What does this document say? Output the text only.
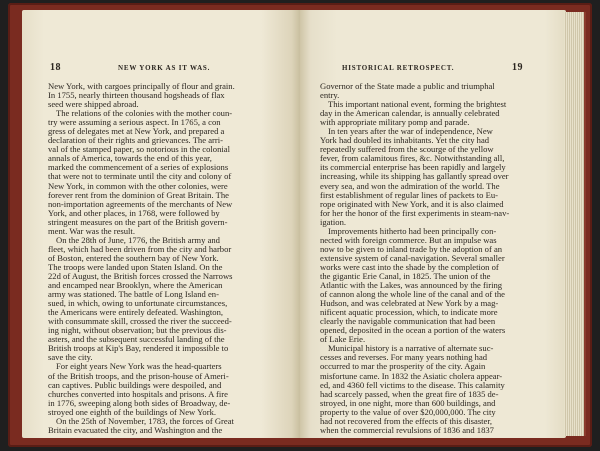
18	NEW YORK AS IT WAS.
New York, with cargoes principally of flour and grain.
In 1755, nearly thirteen thousand hogsheads of flax
seed were shipped abroad.
The relations of the colonies with the mother coun-
try were assuming a serious aspect. In 1765, a con
gress of delegates met at New York, and prepared a
declaration of their rights and grievances. The arri-
val of the stamped paper, so notorious in the colonial
annals of America, towards the end of this year,
marked the commencement of a series of explosions
that were not to terminate until the city and colony of
New York, in common with the other colonies, were
forever rent from the dominion of Great Britain. The
non-importation agreements of the merchants of New
York, and other places, in 1768, were followed by
stringent measures on the part of the British govern-
ment. War was the result.
On the 28th of June, 1776, the British army and
fleet, which had been driven from the city and harbor
of Boston, entered the southern bay of New York.
The troops were landed upon Staten Island. On the
22d of August, the British forces crossed the Narrows
and encamped near Brooklyn, where the American
army was stationed. The battle of Long Island en-
sued, in which, owing to unfortunate circumstances,
the Americans were entirely defeated. Washington,
with consummate skill, crossed the river the succeed-
ing night, without observation; but the previous dis-
asters, and the subsequent successful landing of the
British troops at Kip's Bay, rendered it impossible to
save the city.
For eight years New York was the head-quarters
of the British troops, and the prison-house of Ameri-
can captives. Public buildings were despoiled, and
churches converted into hospitals and prisons. A fire
in 1776, sweeping along both sides of Broadway, de-
stroyed one eighth of the buildings of New York.
On the 25th of November, 1783, the forces of Great
Britain evacuated the city, and Washington and the
HISTORICAL RETROSPECT.	19
Governor of the State made a public and triumphal
entry.
This important national event, forming the brightest
day in the American calendar, is annually celebrated
with appropriate military pomp and parade.
In ten years after the war of independence, New
York had doubled its inhabitants. Yet the city had
repeatedly suffered from the scourge of the yellow
fever, from calamitous fires, &c. Notwithstanding all,
its commercial enterprise has been rapidly and largely
increasing, while its shipping has gallantly spread over
every sea, and won the admiration of the world. The
first establishment of regular lines of packets to Eu-
rope originated with New York, and it is also claimed
for her the honor of the first experiments in steam-nav-
igation.
Improvements hitherto had been principally con-
nected with foreign commerce. But an impulse was
now to be given to inland trade by the adoption of an
extensive system of canal-navigation. Several smaller
works were cast into the shade by the completion of
the gigantic Erie Canal, in 1825. The union of the
Atlantic with the Lakes, was announced by the firing
of cannon along the whole line of the canal and of the
Hudson, and was celebrated at New York by a mag-
nificent aquatic procession, which, to indicate more
clearly the navigable communication that had been
opened, deposited in the ocean a portion of the waters
of Lake Erie.
Municipal history is a narrative of alternate suc-
cesses and reverses. For many years nothing had
occurred to mar the prosperity of the city. Again
misfortune came. In 1832 the Asiatic cholera appear-
ed, and 4360 fell victims to the disease. This calamity
had scarcely passed, when the great fire of 1835 de-
stroyed, in one night, more than 600 buildings, and
property to the value of over $20,000,000. The city
had not recovered from the effects of this disaster,
when the commercial revulsions of 1836 and 1837
